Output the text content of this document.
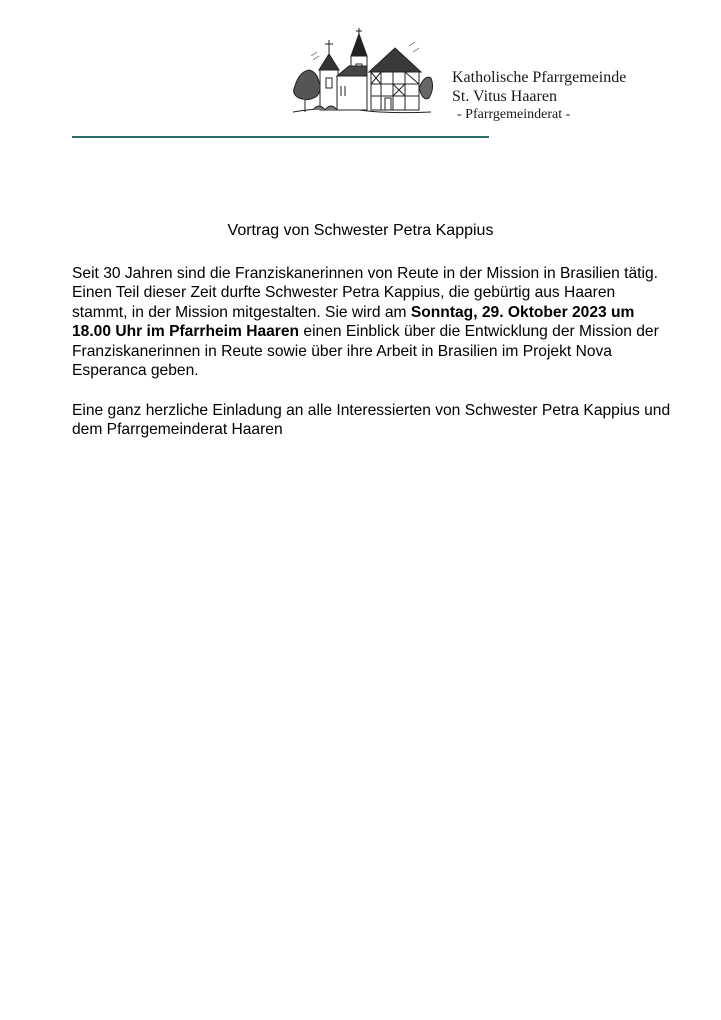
Katholische Pfarrgemeinde
St. Vitus Haaren
- Pfarrgemeinderat -
Vortrag von Schwester Petra Kappius

Seit 30 Jahren sind die Franziskanerinnen von Reute in der Mission in Brasilien tätig. Einen Teil dieser Zeit durfte Schwester Petra Kappius, die gebürtig aus Haaren stammt, in der Mission mitgestalten. Sie wird am Sonntag, 29. Oktober 2023 um 18.00 Uhr im Pfarrheim Haaren einen Einblick über die Entwicklung der Mission der Franziskanerinnen in Reute sowie über ihre Arbeit in Brasilien im Projekt Nova Esperanca geben.

Eine ganz herzliche Einladung an alle Interessierten von Schwester Petra Kappius und dem Pfarrgemeinderat Haaren
